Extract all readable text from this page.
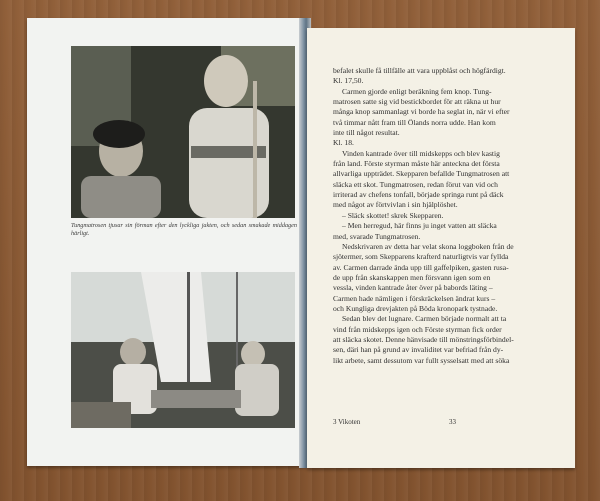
Tungmatrosen tjusar sin förman efter den lyckliga jakten, och sedan smakade middagen härligt.

befalet skulle få tillfälle att vara uppblåst och högfärdigt.

Kl. 17,50.

Carmen gjorde enligt beräkning fem knop. Tung-

matrosen satte sig vid bestickbordet för att räkna ut hur

många knop sammanlagt vi borde ha seglat in, när vi efter

två timmar nått fram till Ölands norra udde. Han kom

inte till något resultat.

Kl. 18.

Vinden kantrade över till midskepps och blev kastig

från land. Förste styrman måste här anteckna det första

allvarliga uppträdet. Skepparen befallde Tungmatrosen att

släcka ett skot. Tungmatrosen, redan förut van vid och

irriterad av chefens tonfall, började springa runt på däck

med något av förtvivlan i sin hjälplöshet.

– Släck skottet! skrek Skepparen.

– Men herregud, här finns ju inget vatten att släcka

med, svarade Tungmatrosen.

Nedskrivaren av detta har velat skona loggboken från de

sjötermer, som Skepparens krafterd naturligtvis var fyllda

av. Carmen darrade ända upp till gaffelpiken, gasten rusa-

de upp från skanskappen men försvann igen som en

vessla, vinden kantrade åter över på babords läting –

Carmen hade nämligen i förskräckelsen ändrat kurs –

och Kungliga drevjakten på Böda kronopark tystnade.

Sedan blev det lugnare. Carmen började normalt att ta

vind från midskepps igen och Förste styrman fick order

att släcka skotet. Denne hänvisade till mönstringsförbindel-

sen, däri han på grund av invaliditet var befriad från dy-

likt arbete, samt dessutom var fullt sysselsatt med att söka

3 Vikoten	33
